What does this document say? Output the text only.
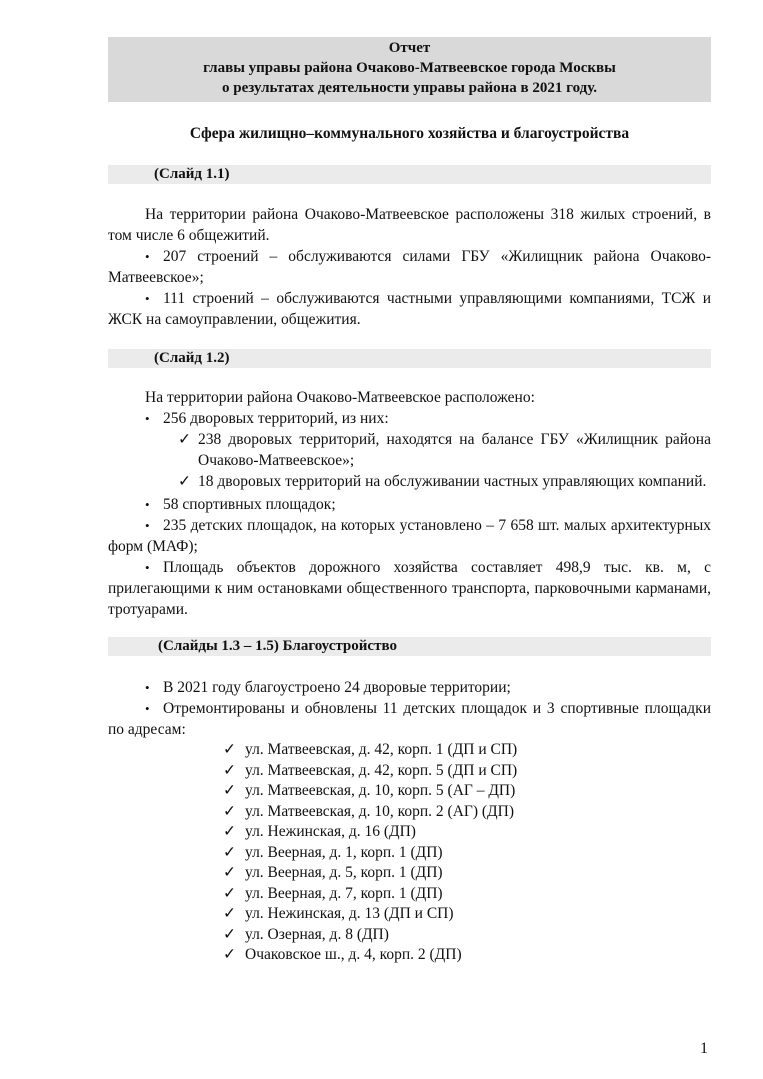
Отчет
главы управы района Очаково-Матвеевское города Москвы
о результатах деятельности управы района в 2021 году.
Сфера жилищно–коммунального хозяйства и благоустройства
(Слайд 1.1)

На территории района Очаково-Матвеевское расположены 318 жилых строений, в том числе 6 общежитий.

• 207 строений – обслуживаются силами ГБУ «Жилищник района Очаково-Матвеевское»;
• 111 строений – обслуживаются частными управляющими компаниями, ТСЖ и ЖСК на самоуправлении, общежития.
(Слайд 1.2)

На территории района Очаково-Матвеевское расположено:

• 256 дворовых территорий, из них:
✓ 238 дворовых территорий, находятся на балансе ГБУ «Жилищник района Очаково-Матвеевское»;
✓ 18 дворовых территорий на обслуживании частных управляющих компаний.
• 58 спортивных площадок;
• 235 детских площадок, на которых установлено – 7 658 шт. малых архитектурных форм (МАФ);
• Площадь объектов дорожного хозяйства составляет 498,9 тыс. кв. м, с прилегающими к ним остановками общественного транспорта, парковочными карманами, тротуарами.
(Слайды 1.3 – 1.5) Благоустройство
• В 2021 году благоустроено 24 дворовые территории;
• Отремонтированы и обновлены 11 детских площадок и 3 спортивные площадки по адресам:
✓ ул. Матвеевская, д. 42, корп. 1 (ДП и СП)
✓ ул. Матвеевская, д. 42, корп. 5 (ДП и СП)
✓ ул. Матвеевская, д. 10, корп. 5 (АГ – ДП)
✓ ул. Матвеевская, д. 10, корп. 2 (АГ) (ДП)
✓ ул. Нежинская, д. 16 (ДП)
✓ ул. Веерная, д. 1, корп. 1 (ДП)
✓ ул. Веерная, д. 5, корп. 1 (ДП)
✓ ул. Веерная, д. 7, корп. 1 (ДП)
✓ ул. Нежинская, д. 13 (ДП и СП)
✓ ул. Озерная, д. 8 (ДП)
✓ Очаковское ш., д. 4, корп. 2 (ДП)
1
